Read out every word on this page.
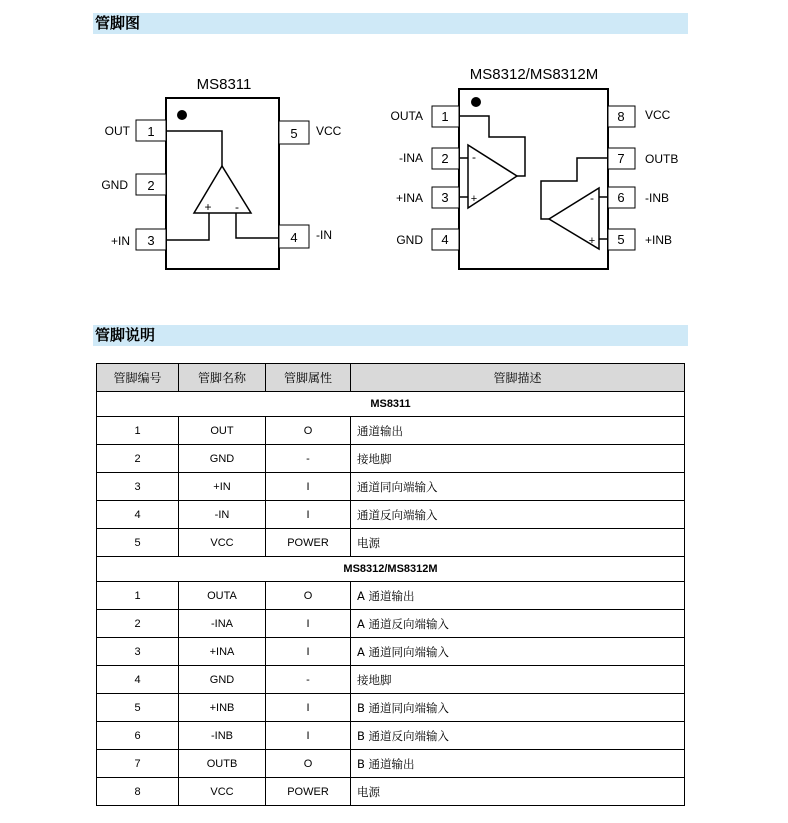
管脚图
MS8311
1
OUT
2
GND
3
+IN
5 VCC
4 -IN
+ -
MS8312/MS8312M
1
OUTA
2
-INA
3
+INA
4
GND
8 VCC
7 OUTB
6 -INB
5 +INB
-
+	-
+
管脚说明
管脚编号	管脚名称	管脚属性	管脚描述
MS8311			
1	OUT	O	通道输出
2	GND	-	接地脚
3	+IN	I	通道同向端输入
4	-IN	I	通道反向端输入
5	VCC	POWER	电源
MS8312/MS8312M			
1	OUTA	O	A 通道输出
2	-INA	I	A 通道反向端输入
3	+INA	I	A 通道同向端输入
4	GND	-	接地脚
5	+INB	I	B 通道同向端输入
6	-INB	I	B 通道反向端输入
7	OUTB	O	B 通道输出
8	VCC	POWER	电源
